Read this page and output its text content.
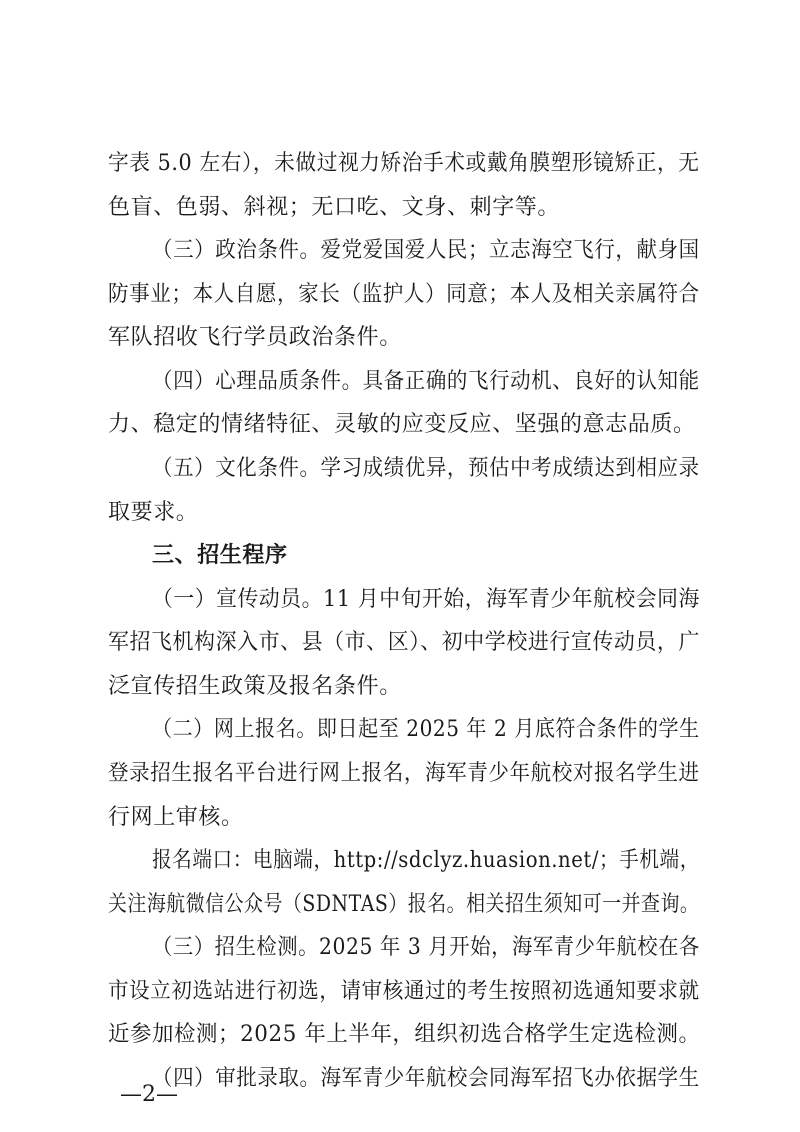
字表 5.0 左右），未做过视力矫治手术或戴角膜塑形镜矫正，无
色盲、色弱、斜视；无口吃、文身、刺字等。
（三）政治条件。爱党爱国爱人民；立志海空飞行，献身国
防事业；本人自愿，家长（监护人）同意；本人及相关亲属符合
军队招收飞行学员政治条件。
（四）心理品质条件。具备正确的飞行动机、良好的认知能
力、稳定的情绪特征、灵敏的应变反应、坚强的意志品质。
（五）文化条件。学习成绩优异，预估中考成绩达到相应录
取要求。
三、招生程序
（一）宣传动员。11 月中旬开始，海军青少年航校会同海
军招飞机构深入市、县（市、区）、初中学校进行宣传动员，广
泛宣传招生政策及报名条件。
（二）网上报名。即日起至 2025 年 2 月底符合条件的学生
登录招生报名平台进行网上报名，海军青少年航校对报名学生进
行网上审核。
报名端口：电脑端，http://sdclyz.huasion.net/；手机端，
关注海航微信公众号（SDNTAS）报名。相关招生须知可一并查询。
（三）招生检测。2025 年 3 月开始，海军青少年航校在各
市设立初选站进行初选，请审核通过的考生按照初选通知要求就
近参加检测；2025 年上半年，组织初选合格学生定选检测。
（四）审批录取。海军青少年航校会同海军招飞办依据学生
—2—
